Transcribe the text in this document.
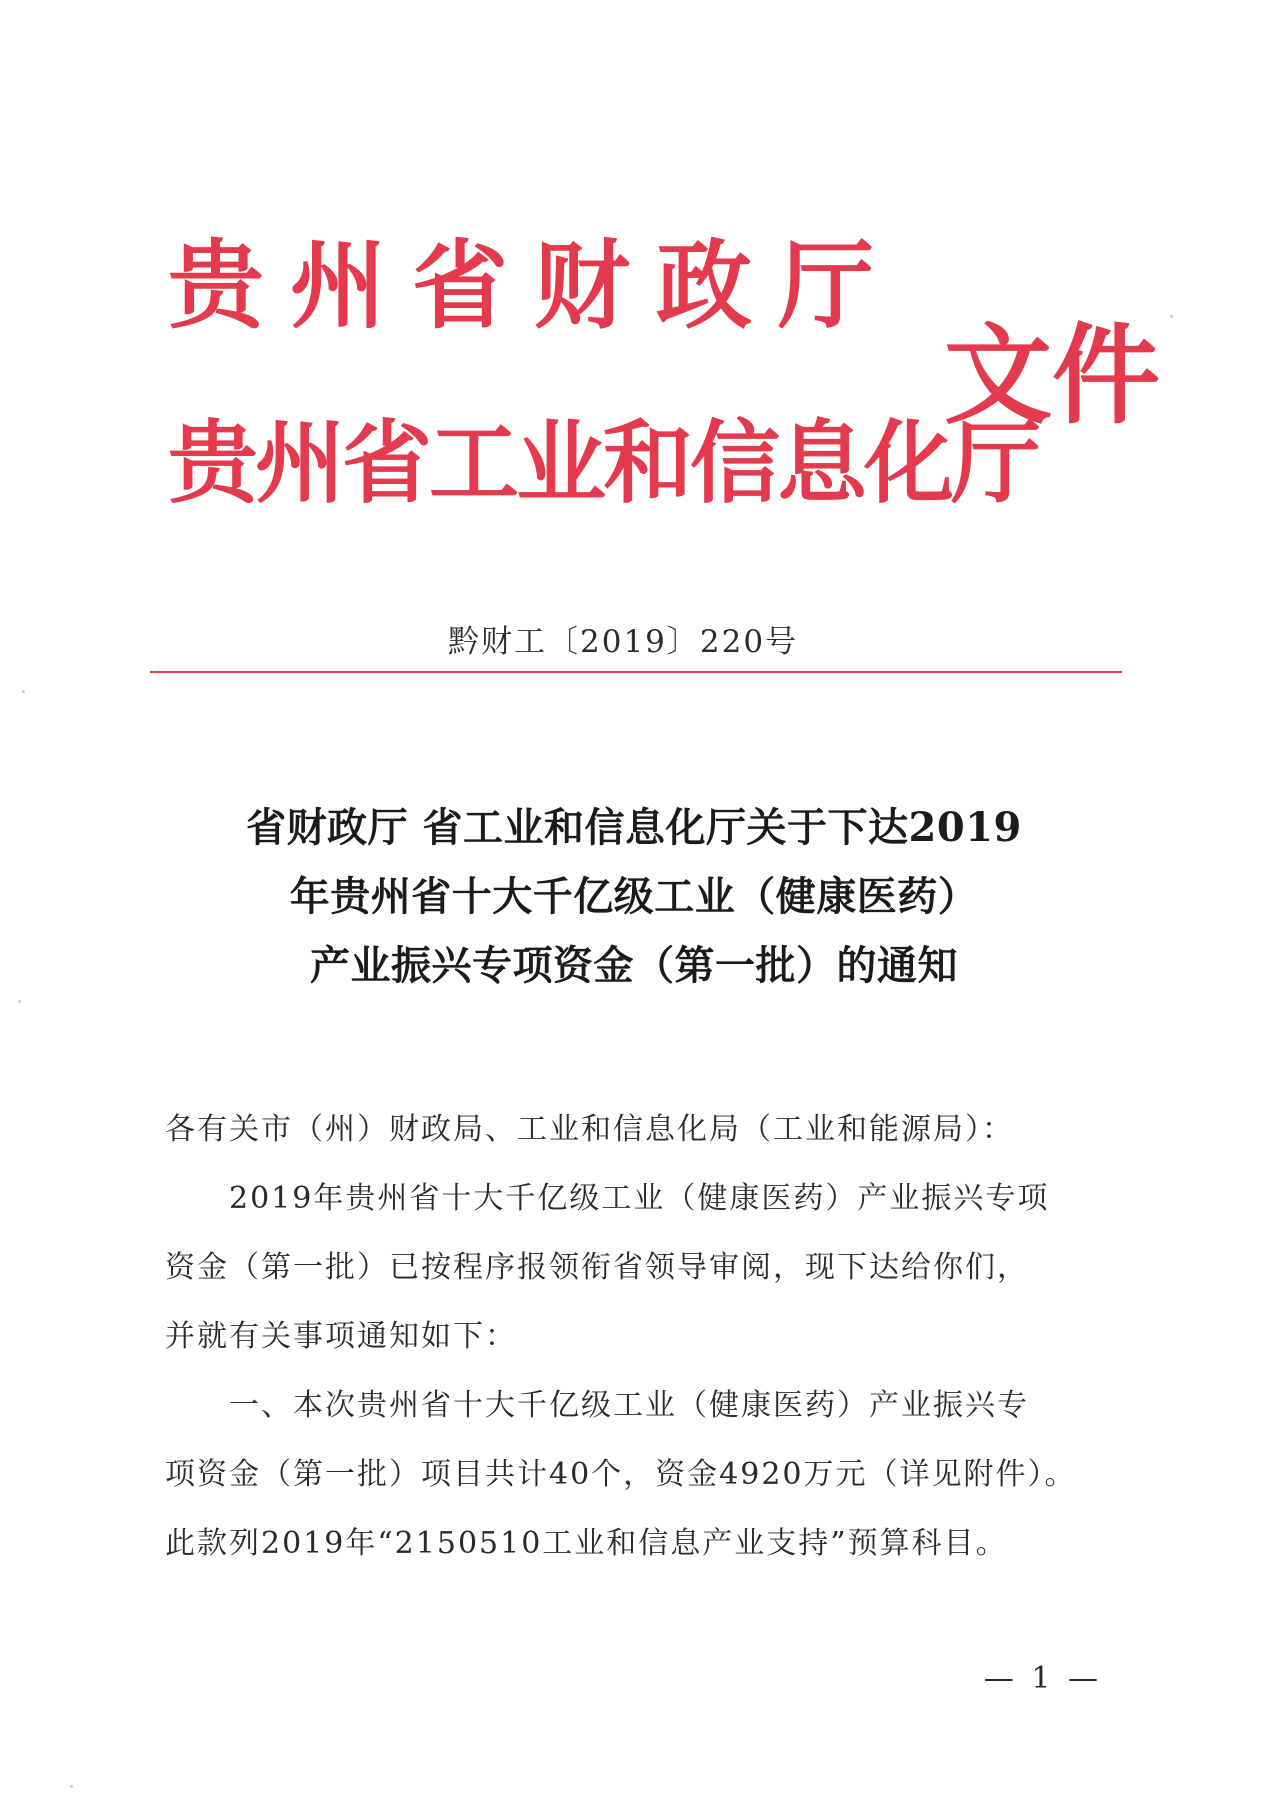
贵州省财政厅
贵州省工业和信息化厅
文件
黔财工〔2019〕220号
省财政厅 省工业和信息化厅关于下达2019
年贵州省十大千亿级工业（健康医药）
产业振兴专项资金（第一批）的通知
各有关市（州）财政局、工业和信息化局（工业和能源局）：
2019年贵州省十大千亿级工业（健康医药）产业振兴专项
资金（第一批）已按程序报领衔省领导审阅，现下达给你们，
并就有关事项通知如下：
一、本次贵州省十大千亿级工业（健康医药）产业振兴专
项资金（第一批）项目共计40个，资金4920万元（详见附件）。
此款列2019年“2150510工业和信息产业支持”预算科目。
— 1 —
